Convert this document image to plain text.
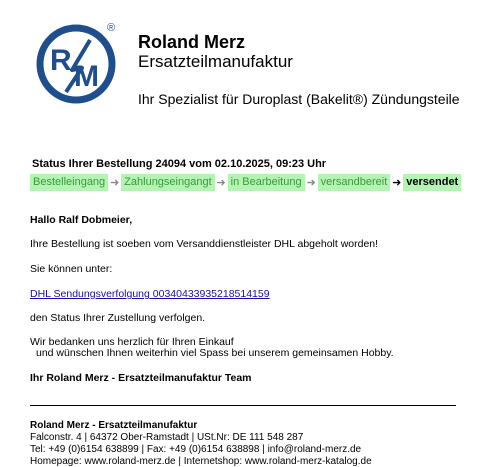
R M
®
Roland Merz
Ersatzteilmanufaktur
Ihr Spezialist für Duroplast (Bakelit®) Zündungsteile
Status Ihrer Bestellung 24094 vom 02.10.2025, 09:23 Uhr
Bestelleingang ➜ Zahlungseingangt ➜ in Bearbeitung ➜ versandbereit ➜ versendet
Hallo Ralf Dobmeier,
Ihre Bestellung ist soeben vom Versanddienstleister DHL abgeholt worden!
Sie können unter:
DHL Sendungsverfolgung 00340433935218514159
den Status Ihrer Zustellung verfolgen.
Wir bedanken uns herzlich für Ihren Einkauf
und wünschen Ihnen weiterhin viel Spass bei unserem gemeinsamen Hobby.
Ihr Roland Merz - Ersatzteilmanufaktur Team
Roland Merz - Ersatzteilmanufaktur
Falconstr. 4 | 64372 Ober-Ramstadt | USt.Nr: DE 111 548 287
Tel: +49 (0)6154 638899 | Fax: +49 (0)6154 638898 | info@roland-merz.de
Homepage: www.roland-merz.de | Internetshop: www.roland-merz-katalog.de
